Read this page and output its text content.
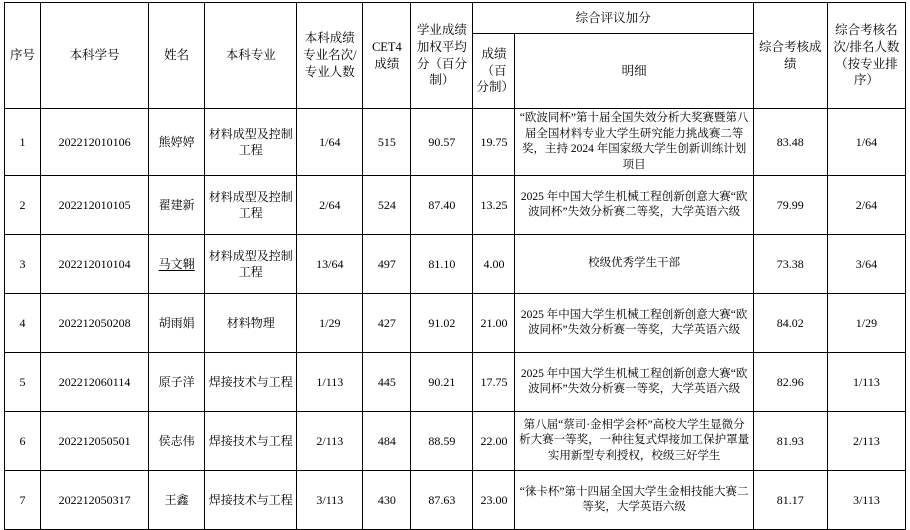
序号	本科学号	姓名	本科专业	本科成绩专业名次/专业人数	CET4成绩	学业成绩加权平均分（百分制）	综合评议加分		综合考核成绩	综合考核名次/排名人数（按专业排序）
							成绩（百分制）	明细		
1	202212010106	熊婷婷	材料成型及控制工程	1/64	515	90.57	19.75	“欧波同杯”第十届全国失效分析大奖赛暨第八届全国材料专业大学生研究能力挑战赛二等奖，主持 2024 年国家级大学生创新训练计划项目	83.48	1/64
2	202212010105	翟建新	材料成型及控制工程	2/64	524	87.40	13.25	2025 年中国大学生机械工程创新创意大赛“欧波同杯”失效分析赛二等奖，大学英语六级	79.99	2/64
3	202212010104	马文翱	材料成型及控制工程	13/64	497	81.10	4.00	校级优秀学生干部	73.38	3/64
4	202212050208	胡雨娟	材料物理	1/29	427	91.02	21.00	2025 年中国大学生机械工程创新创意大赛“欧波同杯”失效分析赛一等奖，大学英语六级	84.02	1/29
5	202212060114	原子洋	焊接技术与工程	1/113	445	90.21	17.75	2025 年中国大学生机械工程创新创意大赛“欧波同杯”失效分析赛一等奖，大学英语六级	82.96	1/113
6	202212050501	侯志伟	焊接技术与工程	2/113	484	88.59	22.00	第八届“蔡司·金相学会杯”高校大学生显微分析大赛一等奖，一种往复式焊接加工保护罩量实用新型专利授权，校级三好学生	81.93	2/113
7	202212050317	王鑫	焊接技术与工程	3/113	430	87.63	23.00	“徕卡杯”第十四届全国大学生金相技能大赛二等奖，大学英语六级	81.17	3/113
